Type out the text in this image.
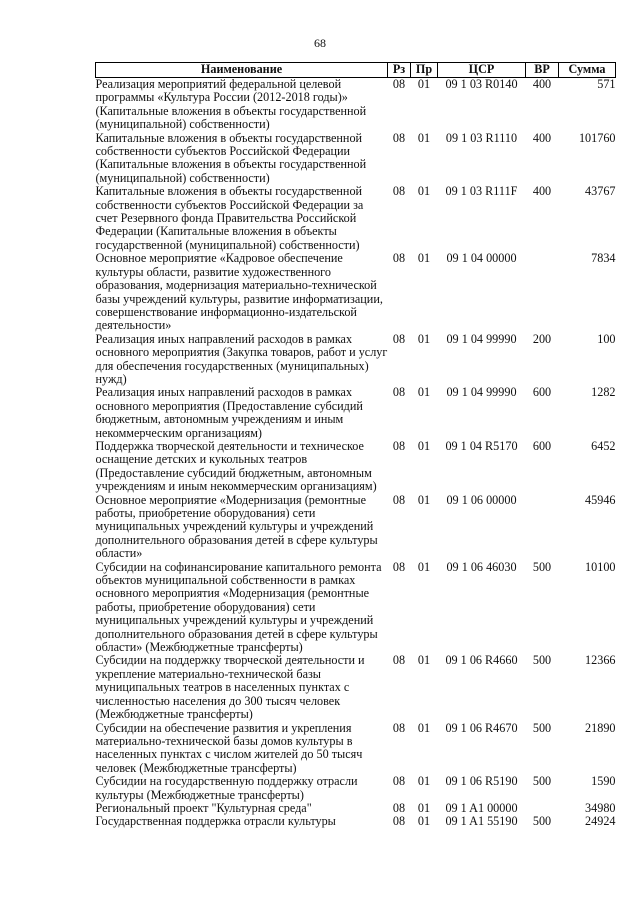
68
Наименование	Рз	Пр	ЦСР	ВР	Сумма
Реализация мероприятий федеральной целевой программы «Культура России (2012-2018 годы)» (Капитальные вложения в объекты государственной (муниципальной) собственности)	08	01	09 1 03 R0140	400	571
Капитальные вложения в объекты государственной собственности субъектов Российской Федерации (Капитальные вложения в объекты государственной (муниципальной) собственности)	08	01	09 1 03 R1110	400	101760
Капитальные вложения в объекты государственной собственности субъектов Российской Федерации за счет Резервного фонда Правительства Российской Федерации (Капитальные вложения в объекты государственной (муниципальной) собственности)	08	01	09 1 03 R111F	400	43767
Основное мероприятие «Кадровое обеспечение культуры области, развитие художественного образования, модернизация материально-технической базы учреждений культуры, развитие информатизации, совершенствование информационно-издательской деятельности»	08	01	09 1 04 00000		7834
Реализация иных направлений расходов в рамках основного мероприятия (Закупка товаров, работ и услуг для обеспечения государственных (муниципальных) нужд)	08	01	09 1 04 99990	200	100
Реализация иных направлений расходов в рамках основного мероприятия (Предоставление субсидий бюджетным, автономным учреждениям и иным некоммерческим организациям)	08	01	09 1 04 99990	600	1282
Поддержка творческой деятельности и техническое оснащение детских и кукольных театров (Предоставление субсидий бюджетным, автономным учреждениям и иным некоммерческим организациям)	08	01	09 1 04 R5170	600	6452
Основное мероприятие «Модернизация (ремонтные работы, приобретение оборудования) сети муниципальных учреждений культуры и учреждений дополнительного образования детей в сфере культуры области»	08	01	09 1 06 00000		45946
Субсидии на софинансирование капитального ремонта объектов муниципальной собственности в рамках основного мероприятия «Модернизация (ремонтные работы, приобретение оборудования) сети муниципальных учреждений культуры и учреждений дополнительного образования детей в сфере культуры области» (Межбюджетные трансферты)	08	01	09 1 06 46030	500	10100
Субсидии на поддержку творческой деятельности и укрепление материально-технической базы муниципальных театров в населенных пунктах с численностью населения до 300 тысяч человек (Межбюджетные трансферты)	08	01	09 1 06 R4660	500	12366
Субсидии на обеспечение развития и укрепления материально-технической базы домов культуры в населенных пунктах с числом жителей до 50 тысяч человек (Межбюджетные трансферты)	08	01	09 1 06 R4670	500	21890
Субсидии на государственную поддержку отрасли культуры (Межбюджетные трансферты)	08	01	09 1 06 R5190	500	1590
Региональный проект "Культурная среда"	08	01	09 1 A1 00000		34980
Государственная поддержка отрасли культуры	08	01	09 1 A1 55190	500	24924
